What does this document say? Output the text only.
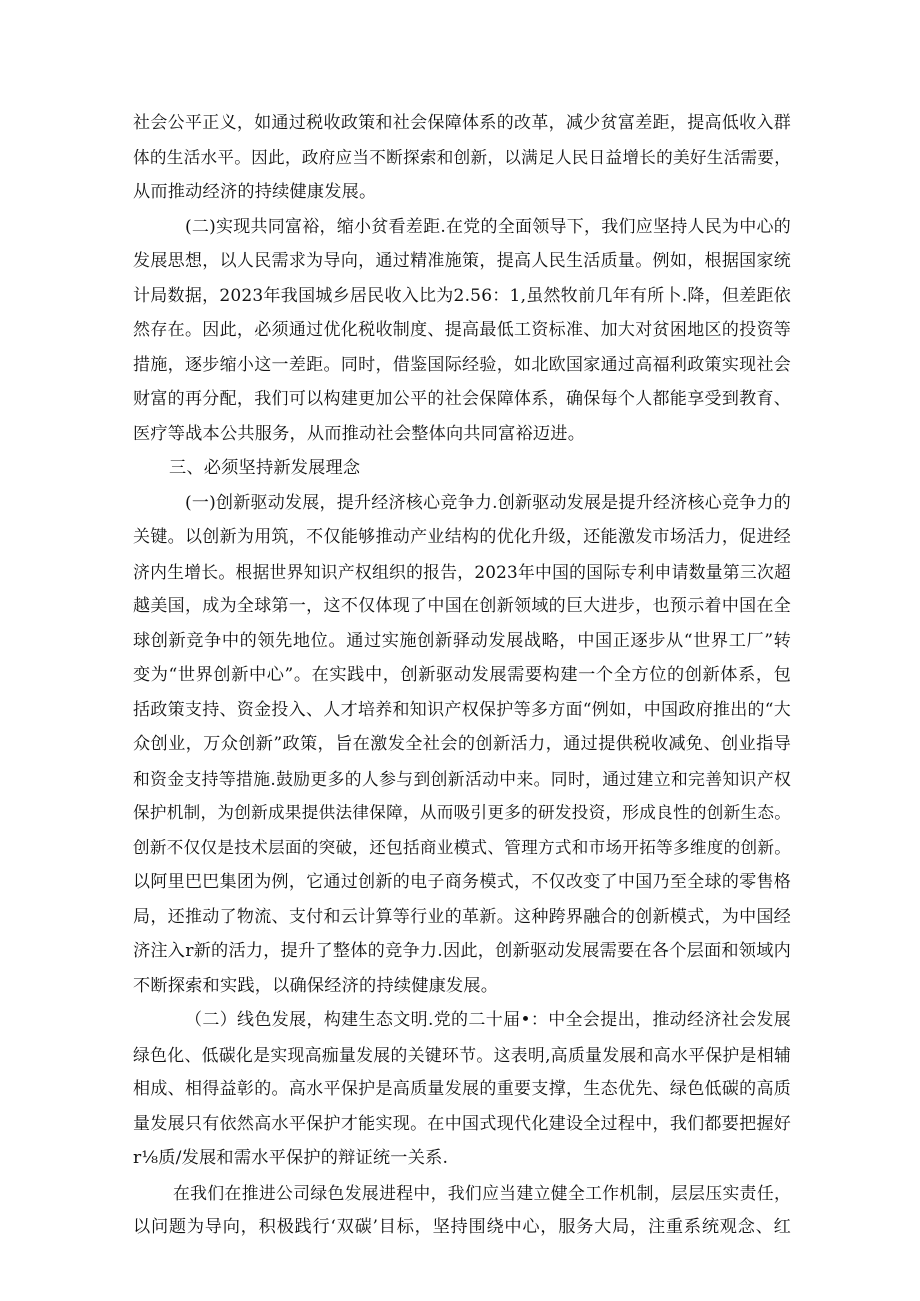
社会公平正义，如通过税收政策和社会保障体系的改革，减少贫富差距，提高低收入群
体的生活水平。因此，政府应当不断探索和创新，以满足人民日益增长的美好生活需要，
从而推动经济的持续健康发展。
(二)实现共同富裕，缩小贫看差距.在党的全面领导下，我们应坚持人民为中心的
发展思想，以人民需求为导向，通过精准施策，提高人民生活质量。例如，根据国家统
计局数据，2023年我国城乡居民收入比为2.56：1,虽然牧前几年有所卜.降，但差距依
然存在。因此，必须通过优化税收制度、提高最低工资标准、加大对贫困地区的投资等
措施，逐步缩小这一差距。同时，借鉴国际经验，如北欧国家通过高福利政策实现社会
财富的再分配，我们可以构建更加公平的社会保障体系，确保每个人都能享受到教育、
医疗等战本公共服务，从而推动社会整体向共同富裕迈进。
三、必须坚持新发展理念
(一)创新驱动发展，提升经济核心竞争力.创新驱动发展是提升经济核心竞争力的
关键。以创新为用筑，不仅能够推动产业结构的优化升级，还能激发市场活力，促进经
济内生增长。根据世界知识产权组织的报告，2023年中国的国际专利申请数量第三次超
越美国，成为全球第一，这不仅体现了中国在创新领域的巨大进步，也预示着中国在全
球创新竞争中的领先地位。通过实施创新驿动发展战略，中国正逐步从“世界工厂”转
变为“世界创新中心”。在实践中，创新驱动发展需要构建一个全方位的创新体系，包
括政策支持、资金投入、人才培养和知识产权保护等多方面“例如，中国政府推出的“大
众创业，万众创新”政策，旨在激发全社会的创新活力，通过提供税收减免、创业指导
和资金支持等措施.鼓励更多的人参与到创新活动中来。同时，通过建立和完善知识产权
保护机制，为创新成果提供法律保障，从而吸引更多的研发投资，形成良性的创新生态。
创新不仅仅是技术层面的突破，还包括商业模式、管理方式和市场开拓等多维度的创新。
以阿里巴巴集团为例，它通过创新的电子商务模式，不仅改变了中国乃至全球的零售格
局，还推动了物流、支付和云计算等行业的革新。这种跨界融合的创新模式，为中国经
济注入r新的活力，提升了整体的竞争力.因此，创新驱动发展需要在各个层面和领域内
不断探索和实践，以确保经济的持续健康发展。
（二）线色发展，构建生态文明.党的二十届•：中全会提出，推动经济社会发展
绿色化、低碳化是实现高痂量发展的关键环节。这表明,高质量发展和高水平保护是相辅
相成、相得益彰的。高水平保护是高质量发展的重要支撑，生态优先、绿色低碳的高质
量发展只有依然高水平保护才能实现。在中国式现代化建设全过程中，我们都要把握好
r⅛质/发展和需水平保护的辩证统一关系.
在我们在推进公司绿色发展进程中，我们应当建立健全工作机制，层层压实责任，
以问题为导向，积极践行‘双碳’目标，坚持围绕中心，服务大局，注重系统观念、红
